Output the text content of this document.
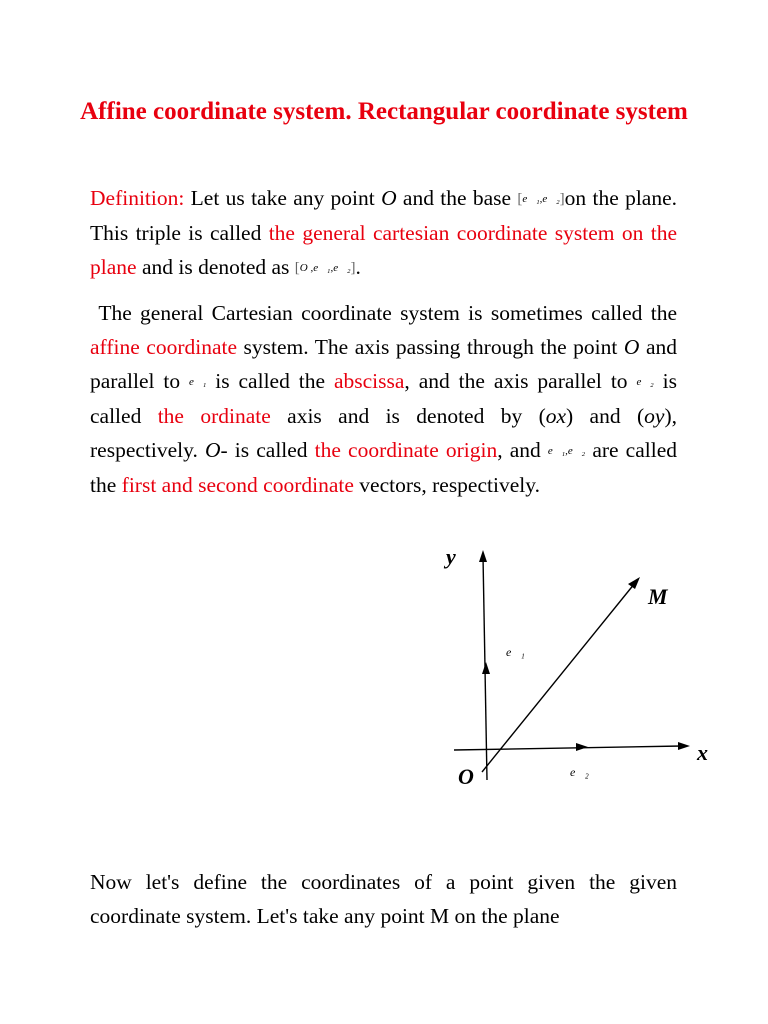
Affine coordinate system. Rectangular coordinate system
Definition: Let us take any point O and the base [e⃗₁,e⃗₂]on the plane. This triple is called the general cartesian coordinate system on the plane and is denoted as [O ,e⃗₁,e⃗₂].
The general Cartesian coordinate system is sometimes called the affine coordinate system. The axis passing through the point O and parallel to e⃗₁ is called the abscissa, and the axis parallel to e⃗₂ is called the ordinate axis and is denoted by (ox) and (oy), respectively. O- is called the coordinate origin, and e⃗₁,e⃗₂ are called the first and second coordinate vectors, respectively.
y
x
O
M
e⃗₁
e⃗₂
Now let's define the coordinates of a point given the given coordinate system. Let's take any point M on the plane
